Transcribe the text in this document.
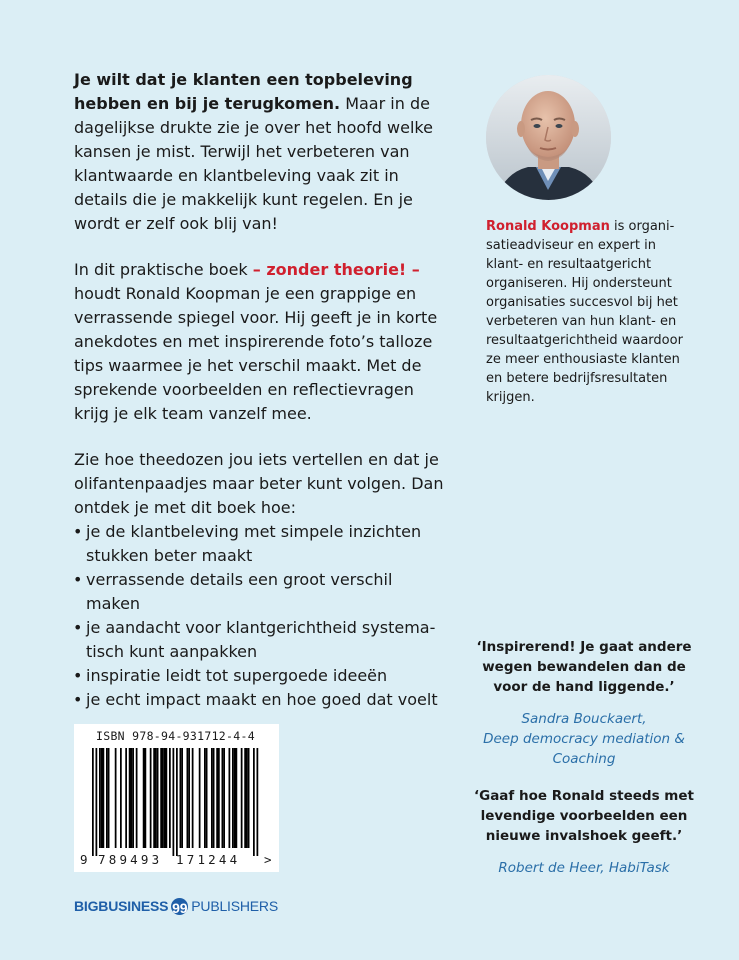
Je wilt dat je klanten een topbeleving hebben en bij je terugkomen. Maar in de dagelijkse drukte zie je over het hoofd welke kansen je mist. Terwijl het verbeteren van klantwaarde en klantbeleving vaak zit in details die je makkelijk kunt regelen. En je wordt er zelf ook blij van!

In dit praktische boek – zonder theorie! – houdt Ronald Koopman je een grappige en verrassende spiegel voor. Hij geeft je in korte anekdotes en met inspirerende foto’s talloze tips waarmee je het verschil maakt. Met de sprekende voorbeelden en reflectievragen krijg je elk team vanzelf mee.

Zie hoe theedozen jou iets vertellen en dat je olifantenpaadjes maar beter kunt volgen. Dan ontdek je met dit boek hoe:
• je de klantbeleving met simpele inzichten stukken beter maakt
• verrassende details een groot verschil maken
• je aandacht voor klantgerichtheid systematisch kunt aanpakken
• inspiratie leidt tot supergoede ideeën
• je echt impact maakt en hoe goed dat voelt
Ronald Koopman is organisatieadviseur en expert in klant- en resultaatgericht organiseren. Hij ondersteunt organisaties succesvol bij het verbeteren van hun klant- en resultaatgerichtheid waardoor ze meer enthousiaste klanten en betere bedrijfsresultaten krijgen.
‘Inspirerend! Je gaat andere wegen bewandelen dan de voor de hand liggende.’
Sandra Bouckaert,
Deep democracy mediation & Coaching
‘Gaaf hoe Ronald steeds met levendige voorbeelden een nieuwe invalshoek geeft.’
Robert de Heer, HabiTask
ISBN 978-94-931712-4-4
9 789493 171244 >
BIGBUSINESS 99 PUBLISHERS
